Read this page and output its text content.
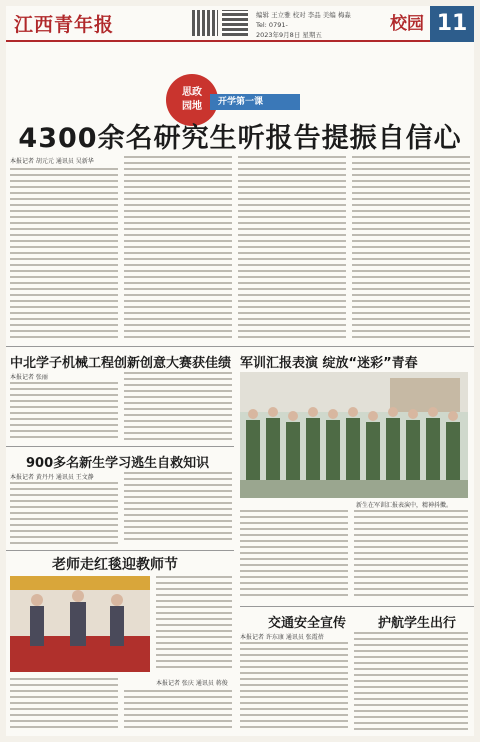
江西青年报	编辑 王立雅 校对 李品 美编 梅淼
Tel: 0791-
2023年9月8日 星期五
校园 11
思政
园地	开学第一课
4300余名研究生听报告提振自信心
本报记者 胡元元 通讯员 吴新华
中北学子机械工程创新创意大赛获佳绩
本报记者 张丽
军训汇报表演 绽放“迷彩”青春
新生在军训汇报表演中，精神抖擞。
900多名新生学习逃生自救知识
本报记者 黄丹丹 通讯员 王文静
老师走红毯迎教师节
本报记者 张庆 通讯员 蒋俊
交通安全宣传 护航学生出行
本报记者 许东康 通讯员 张霞蓓
